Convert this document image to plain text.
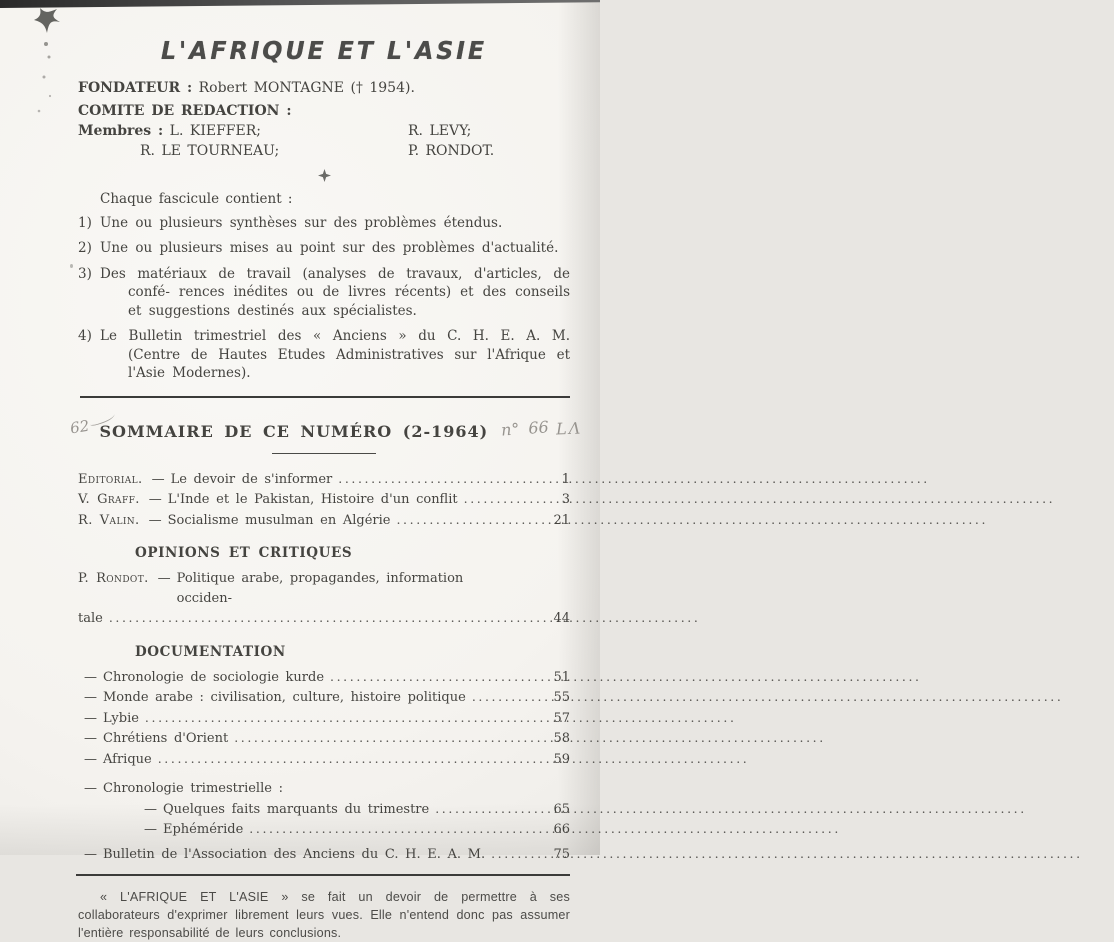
L'AFRIQUE ET L'ASIE
FONDATEUR : Robert MONTAGNE († 1954).
COMITE DE REDACTION :
Membres : L. KIEFFER;	R. LEVY;
R. LE TOURNEAU;	P. RONDOT.
Chaque fascicule contient :
1) Une ou plusieurs synthèses sur des problèmes étendus.
2) Une ou plusieurs mises au point sur des problèmes d'actualité.
3) Des matériaux de travail (analyses de travaux, d'articles, de confé- rences inédites ou de livres récents) et des conseils et suggestions destinés aux spécialistes.
4) Le Bulletin trimestriel des « Anciens » du C. H. E. A. M. (Centre de Hautes Etudes Administratives sur l'Afrique et l'Asie Modernes).
62 SOMMAIRE DE CE NUMÉRO (2-1964) n° 66 LΛ
Editorial. — Le devoir de s'informer .....	1
V. Graff. — L'Inde et le Pakistan, Histoire d'un conflit .....	3
R. Valin. — Socialisme musulman en Algérie .....	21
OPINIONS ET CRITIQUES
P. Rondot. — Politique arabe, propagandes, information occiden-
tale .....	44
DOCUMENTATION
— Chronologie de sociologie kurde .....	51
— Monde arabe : civilisation, culture, histoire politique .....	55
— Lybie .....	57
— Chrétiens d'Orient .....	58
— Afrique .....	59
— Chronologie trimestrielle :
— Quelques faits marquants du trimestre .....	65
— Ephéméride .....	66
— Bulletin de l'Association des Anciens du C. H. E. A. M. .....	75
« L'AFRIQUE ET L'ASIE » se fait un devoir de permettre à ses collaborateurs d'exprimer librement leurs vues. Elle n'entend donc pas assumer l'entière responsabilité de leurs conclusions.
